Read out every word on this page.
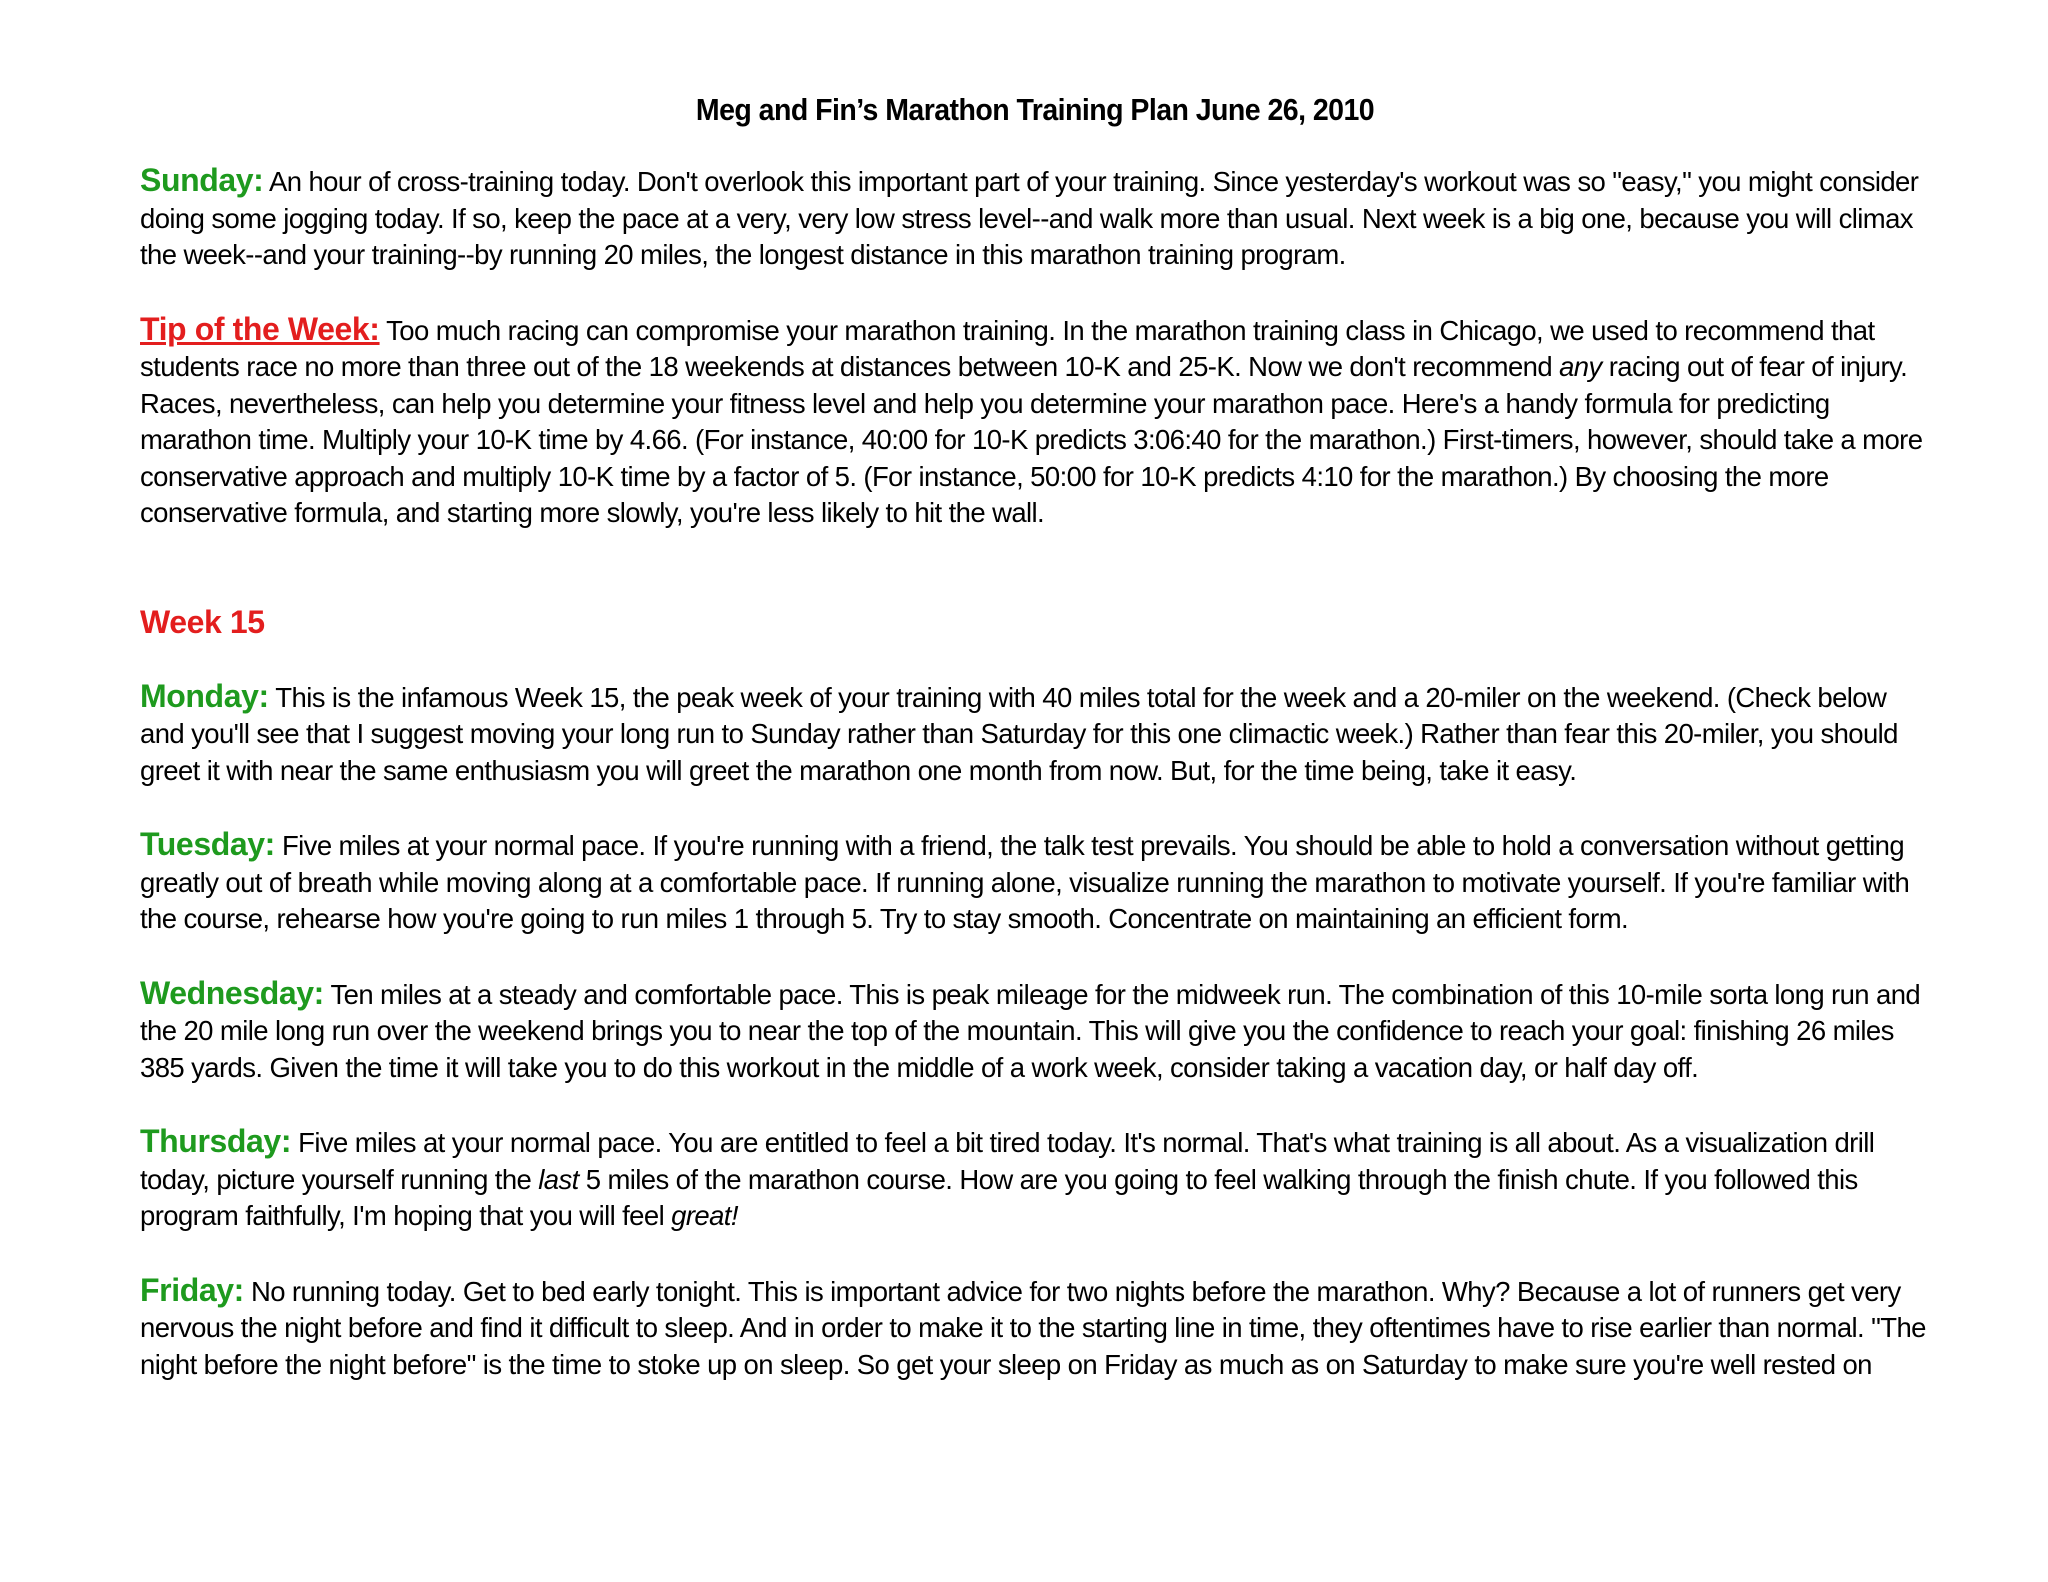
Meg and Fin’s Marathon Training Plan June 26, 2010

Sunday: An hour of cross-training today. Don't overlook this important part of your training. Since yesterday's workout was so "easy," you might consider doing some jogging today. If so, keep the pace at a very, very low stress level--and walk more than usual. Next week is a big one, because you will climax the week--and your training--by running 20 miles, the longest distance in this marathon training program.

Tip of the Week: Too much racing can compromise your marathon training. In the marathon training class in Chicago, we used to recommend that students race no more than three out of the 18 weekends at distances between 10-K and 25-K. Now we don't recommend any racing out of fear of injury. Races, nevertheless, can help you determine your fitness level and help you determine your marathon pace. Here's a handy formula for predicting marathon time. Multiply your 10-K time by 4.66. (For instance, 40:00 for 10-K predicts 3:06:40 for the marathon.) First-timers, however, should take a more conservative approach and multiply 10-K time by a factor of 5. (For instance, 50:00 for 10-K predicts 4:10 for the marathon.) By choosing the more conservative formula, and starting more slowly, you're less likely to hit the wall.

Week 15

Monday: This is the infamous Week 15, the peak week of your training with 40 miles total for the week and a 20-miler on the weekend. (Check below and you'll see that I suggest moving your long run to Sunday rather than Saturday for this one climactic week.) Rather than fear this 20-miler, you should greet it with near the same enthusiasm you will greet the marathon one month from now. But, for the time being, take it easy.

Tuesday: Five miles at your normal pace. If you're running with a friend, the talk test prevails. You should be able to hold a conversation without getting greatly out of breath while moving along at a comfortable pace. If running alone, visualize running the marathon to motivate yourself. If you're familiar with the course, rehearse how you're going to run miles 1 through 5. Try to stay smooth. Concentrate on maintaining an efficient form.

Wednesday: Ten miles at a steady and comfortable pace. This is peak mileage for the midweek run. The combination of this 10-mile sorta long run and the 20 mile long run over the weekend brings you to near the top of the mountain. This will give you the confidence to reach your goal: finishing 26 miles 385 yards. Given the time it will take you to do this workout in the middle of a work week, consider taking a vacation day, or half day off.

Thursday: Five miles at your normal pace. You are entitled to feel a bit tired today. It's normal. That's what training is all about. As a visualization drill today, picture yourself running the last 5 miles of the marathon course. How are you going to feel walking through the finish chute. If you followed this program faithfully, I'm hoping that you will feel great!

Friday: No running today. Get to bed early tonight. This is important advice for two nights before the marathon. Why? Because a lot of runners get very nervous the night before and find it difficult to sleep. And in order to make it to the starting line in time, they oftentimes have to rise earlier than normal. "The night before the night before" is the time to stoke up on sleep. So get your sleep on Friday as much as on Saturday to make sure you're well rested on
